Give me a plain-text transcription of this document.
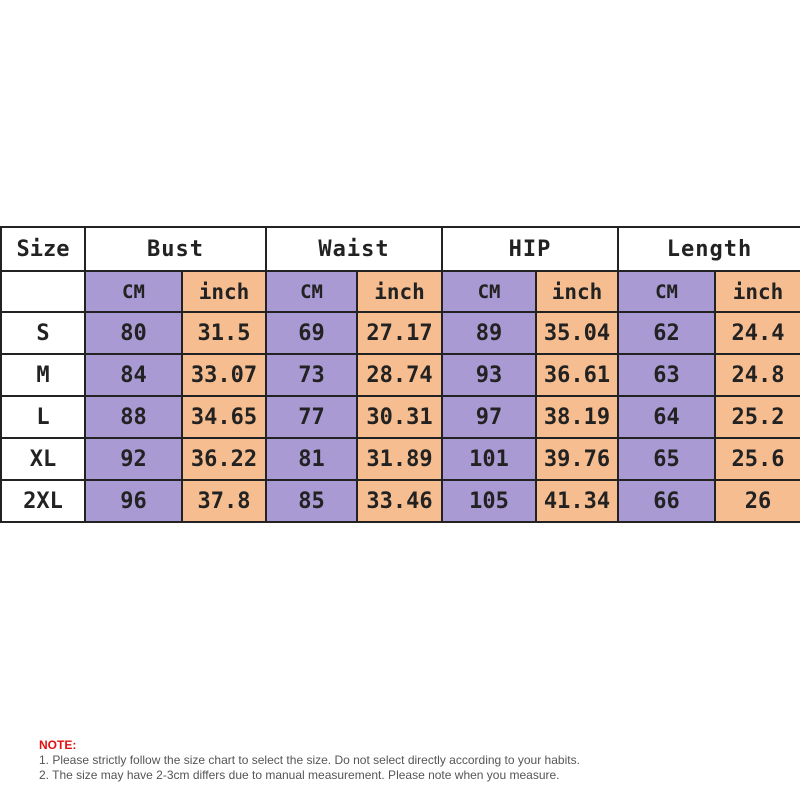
Size	Bust		Waist		HIP		Length	
	CM	inch	CM	inch	CM	inch	CM	inch
S	80	31.5	69	27.17	89	35.04	62	24.4
M	84	33.07	73	28.74	93	36.61	63	24.8
L	88	34.65	77	30.31	97	38.19	64	25.2
XL	92	36.22	81	31.89	101	39.76	65	25.6
2XL	96	37.8	85	33.46	105	41.34	66	26
NOTE:
1. Please strictly follow the size chart to select the size. Do not select directly according to your habits.
2. The size may have 2-3cm differs due to manual measurement. Please note when you measure.
